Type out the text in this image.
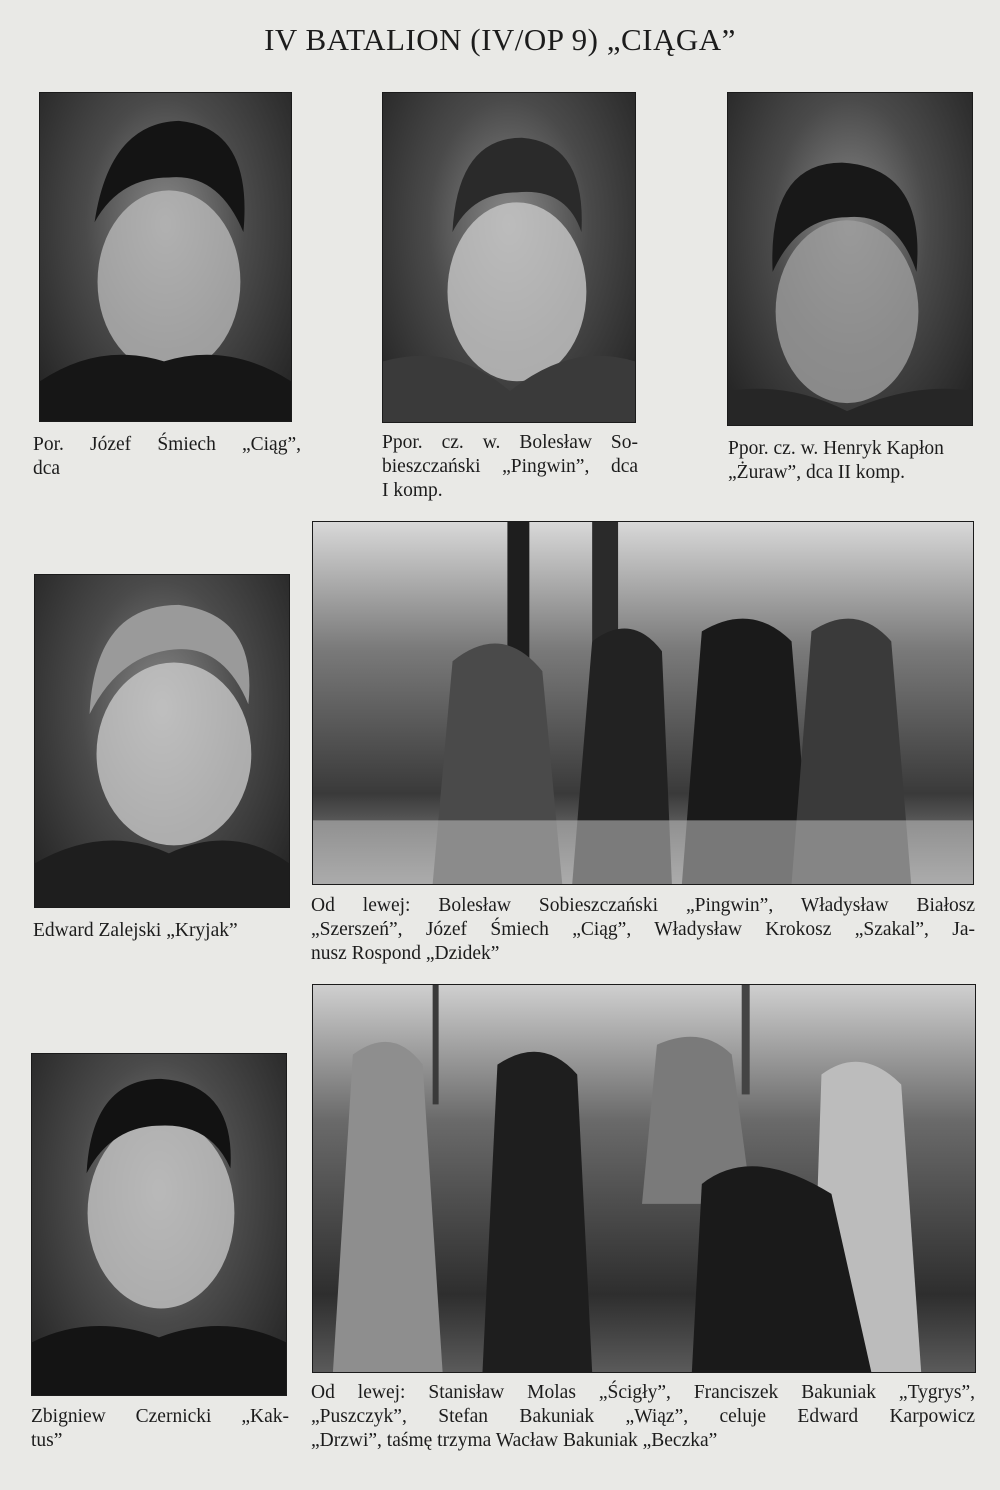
IV BATALION (IV/OP 9) „CIĄGA”
Por. Józef Śmiech „Ciąg”,
dca
Ppor. cz. w. Bolesław So-
bieszczański „Pingwin”, dca
I komp.
Ppor. cz. w. Henryk Kapłon
„Żuraw”, dca II komp.
Edward Zalejski „Kryjak”
Od lewej: Bolesław Sobieszczański „Pingwin”, Władysław Białosz
„Szerszeń”, Józef Śmiech „Ciąg”, Władysław Krokosz „Szakal”, Ja-
nusz Rospond „Dzidek”
Zbigniew Czernicki „Kak-
tus”
Od lewej: Stanisław Molas „Ścigły”, Franciszek Bakuniak „Tygrys”,
„Puszczyk”, Stefan Bakuniak „Wiąz”, celuje Edward Karpowicz
„Drzwi”, taśmę trzyma Wacław Bakuniak „Beczka”
